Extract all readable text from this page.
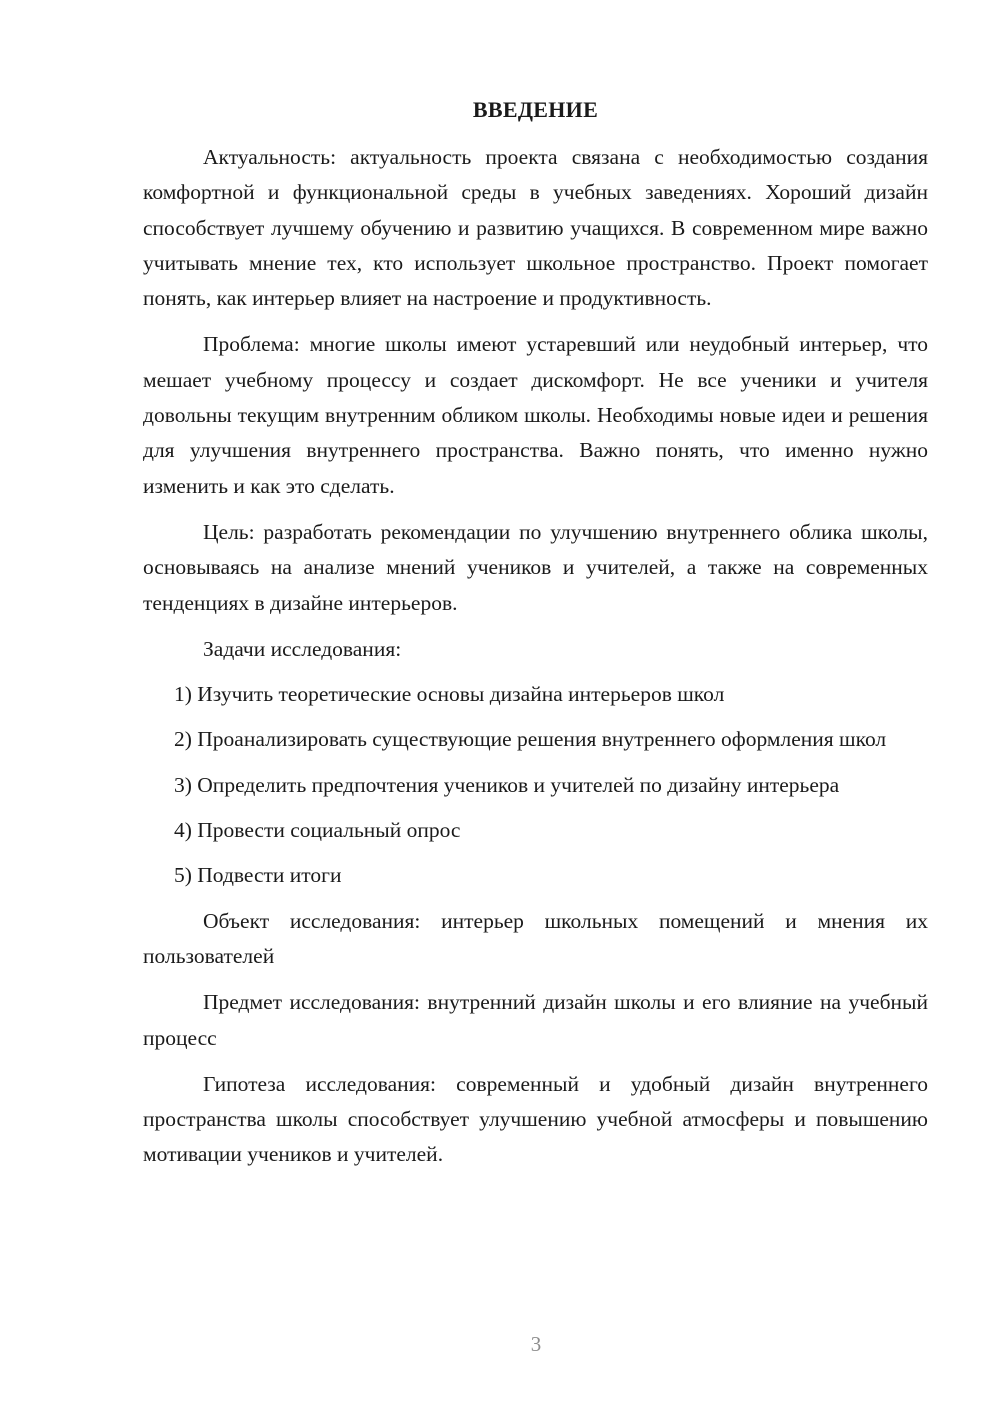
ВВЕДЕНИЕ

Актуальность: актуальность проекта связана с необходимостью создания комфортной и функциональной среды в учебных заведениях. Хороший дизайн способствует лучшему обучению и развитию учащихся. В современном мире важно учитывать мнение тех, кто использует школьное пространство. Проект помогает понять, как интерьер влияет на настроение и продуктивность.

Проблема: многие школы имеют устаревший или неудобный интерьер, что мешает учебному процессу и создает дискомфорт. Не все ученики и учителя довольны текущим внутренним обликом школы. Необходимы новые идеи и решения для улучшения внутреннего пространства. Важно понять, что именно нужно изменить и как это сделать.

Цель: разработать рекомендации по улучшению внутреннего облика школы, основываясь на анализе мнений учеников и учителей, а также на современных тенденциях в дизайне интерьеров.

Задачи исследования:

1) Изучить теоретические основы дизайна интерьеров школ

2) Проанализировать существующие решения внутреннего оформления школ

3) Определить предпочтения учеников и учителей по дизайну интерьера

4) Провести социальный опрос

5) Подвести итоги

Объект исследования: интерьер школьных помещений и мнения их пользователей

Предмет исследования: внутренний дизайн школы и его влияние на учебный процесс

Гипотеза исследования: современный и удобный дизайн внутреннего пространства школы способствует улучшению учебной атмосферы и повышению мотивации учеников и учителей.

3
